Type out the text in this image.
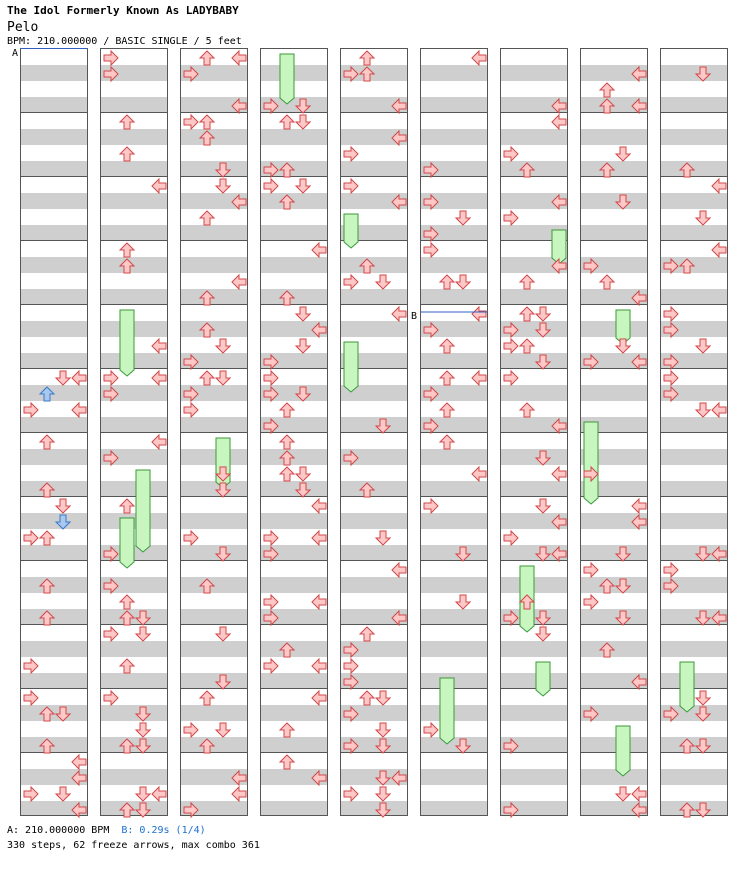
The Idol Formerly Known As LADYBABY
Pelo
BPM: 210.000000 / BASIC SINGLE / 5 feet
A
B
A: 210.000000 BPM B: 0.29s (1/4)
330 steps, 62 freeze arrows, max combo 361
